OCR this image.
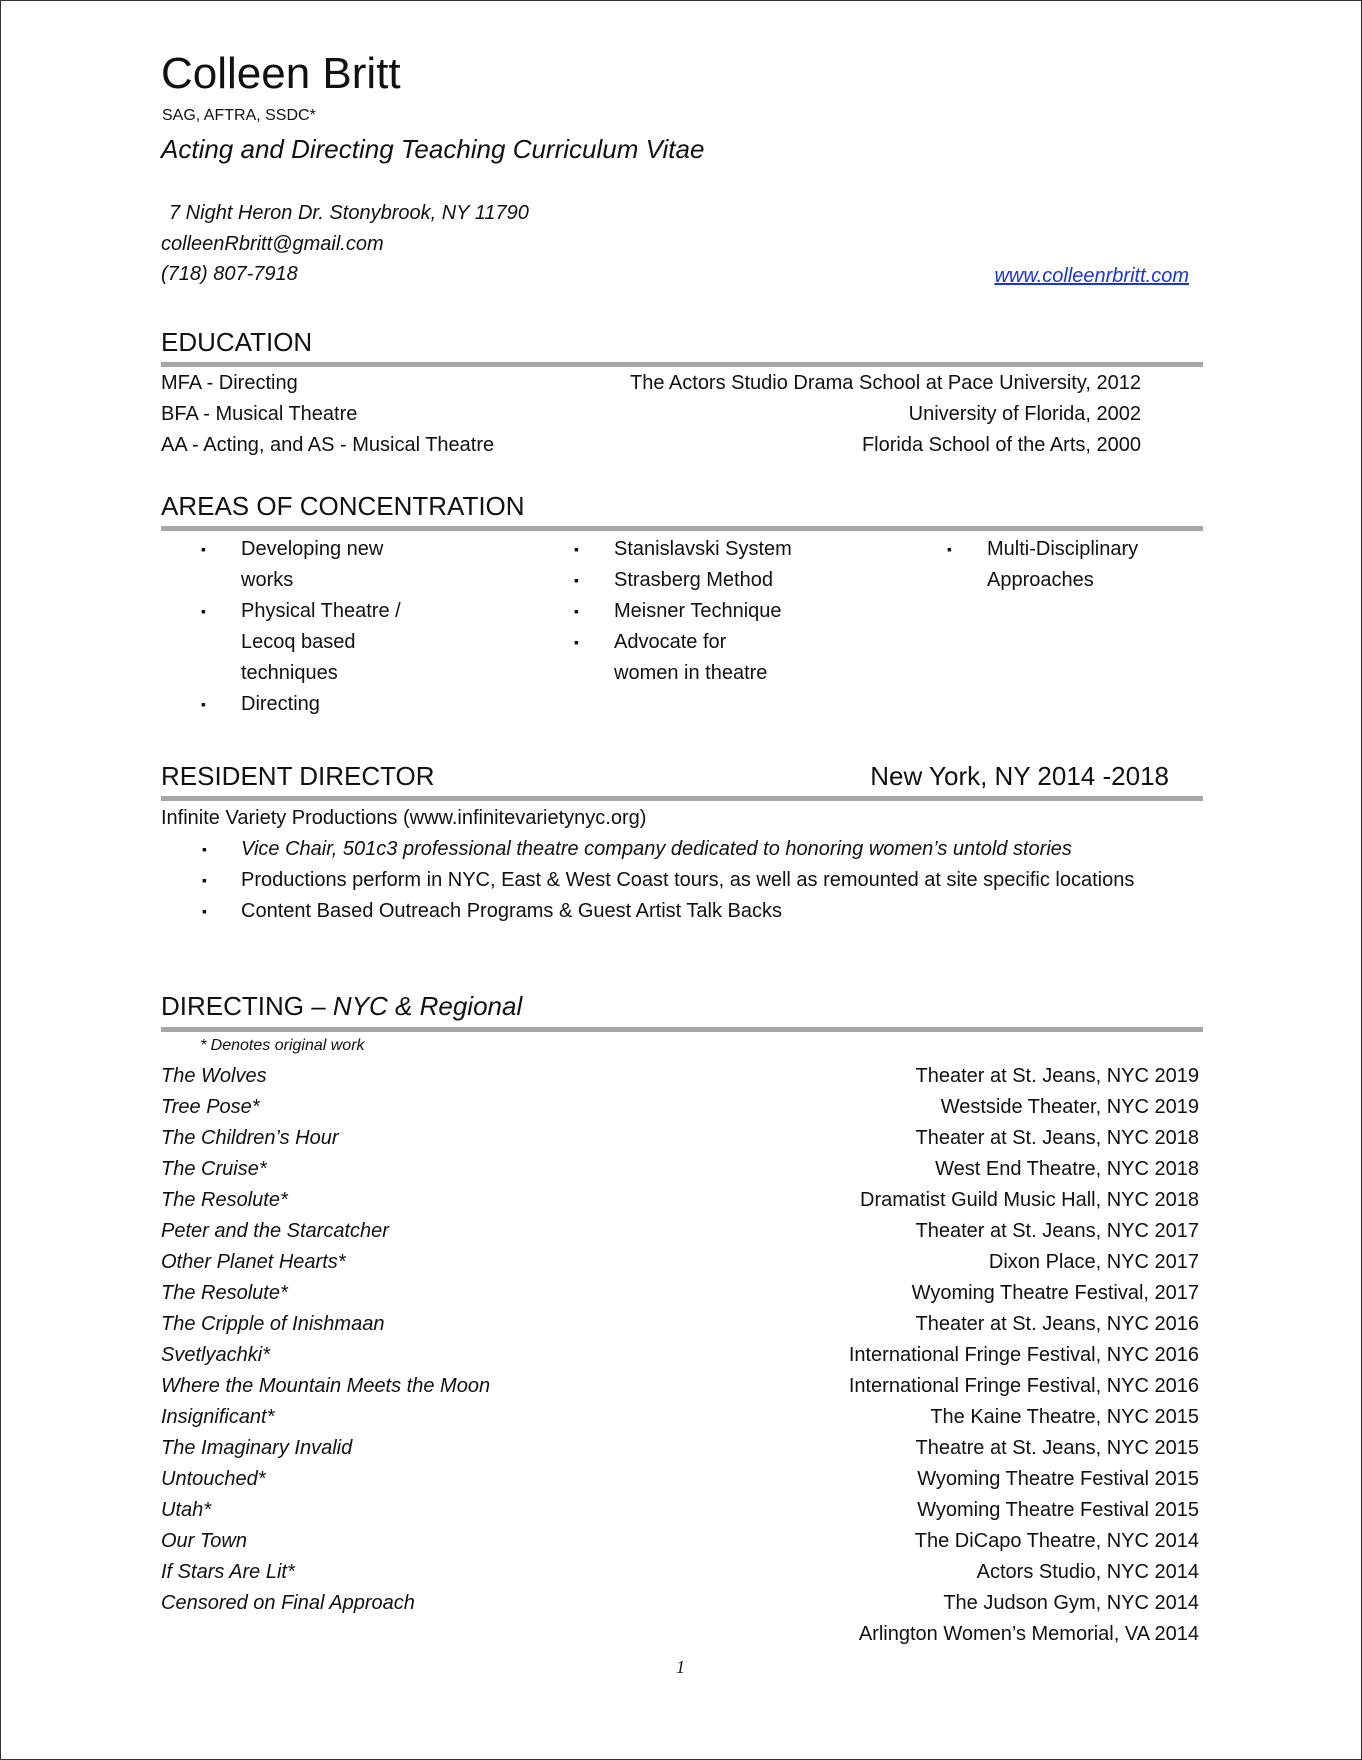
Colleen Britt
SAG, AFTRA, SSDC*
Acting and Directing Teaching Curriculum Vitae
7 Night Heron Dr. Stonybrook, NY 11790
colleenRbritt@gmail.com
(718) 807-7918	www.colleenrbritt.com
EDUCATION
MFA - Directing	The Actors Studio Drama School at Pace University, 2012
BFA - Musical Theatre	University of Florida, 2002
AA - Acting, and AS - Musical Theatre	Florida School of the Arts, 2000
AREAS OF CONCENTRATION
▪ Developing new works
▪ Physical Theatre / Lecoq based techniques
▪ Directing
▪ Stanislavski System
▪ Strasberg Method
▪ Meisner Technique
▪ Advocate for women in theatre
▪ Multi-Disciplinary Approaches
RESIDENT DIRECTOR	New York, NY 2014 -2018
Infinite Variety Productions (www.infinitevarietynyc.org)
▪ Vice Chair, 501c3 professional theatre company dedicated to honoring women’s untold stories
▪ Productions perform in NYC, East & West Coast tours, as well as remounted at site specific locations
▪ Content Based Outreach Programs & Guest Artist Talk Backs
DIRECTING – NYC & Regional
* Denotes original work
The Wolves	Theater at St. Jeans, NYC 2019
Tree Pose*	Westside Theater, NYC 2019
The Children’s Hour	Theater at St. Jeans, NYC 2018
The Cruise*	West End Theatre, NYC 2018
The Resolute*	Dramatist Guild Music Hall, NYC 2018
Peter and the Starcatcher	Theater at St. Jeans, NYC 2017
Other Planet Hearts*	Dixon Place, NYC 2017
The Resolute*	Wyoming Theatre Festival, 2017
The Cripple of Inishmaan	Theater at St. Jeans, NYC 2016
Svetlyachki*	International Fringe Festival, NYC 2016
Where the Mountain Meets the Moon	International Fringe Festival, NYC 2016
Insignificant*	The Kaine Theatre, NYC 2015
The Imaginary Invalid	Theatre at St. Jeans, NYC 2015
Untouched*	Wyoming Theatre Festival 2015
Utah*	Wyoming Theatre Festival 2015
Our Town	The DiCapo Theatre, NYC 2014
If Stars Are Lit*	Actors Studio, NYC 2014
Censored on Final Approach	The Judson Gym, NYC 2014
Arlington Women’s Memorial, VA 2014
1
